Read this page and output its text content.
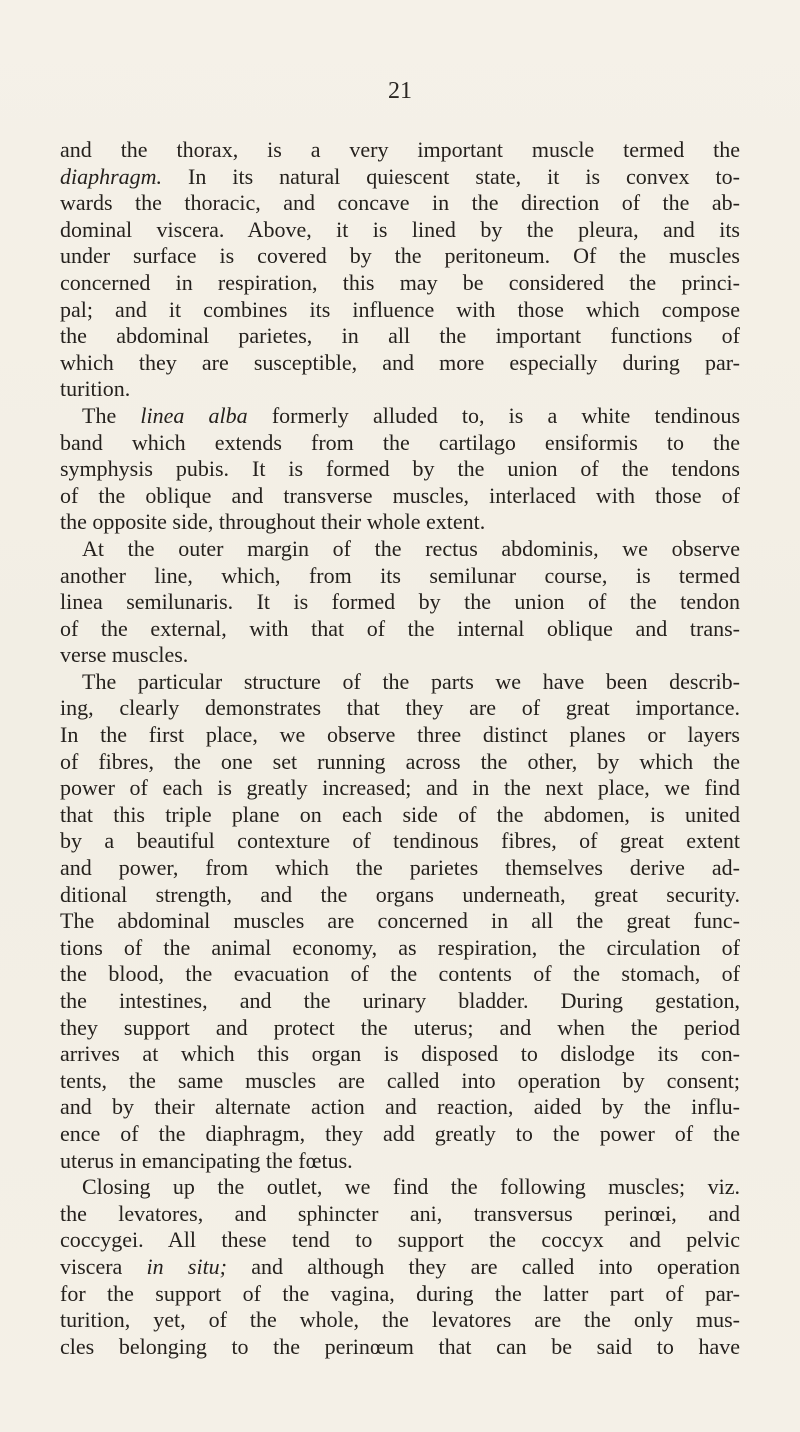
21
and the thorax, is a very important muscle termed the
diaphragm. In its natural quiescent state, it is convex to-
wards the thoracic, and concave in the direction of the ab-
dominal viscera. Above, it is lined by the pleura, and its
under surface is covered by the peritoneum. Of the muscles
concerned in respiration, this may be considered the princi-
pal; and it combines its influence with those which compose
the abdominal parietes, in all the important functions of
which they are susceptible, and more especially during par-
turition.
The linea alba formerly alluded to, is a white tendinous
band which extends from the cartilago ensiformis to the
symphysis pubis. It is formed by the union of the tendons
of the oblique and transverse muscles, interlaced with those of
the opposite side, throughout their whole extent.
At the outer margin of the rectus abdominis, we observe
another line, which, from its semilunar course, is termed
linea semilunaris. It is formed by the union of the tendon
of the external, with that of the internal oblique and trans-
verse muscles.
The particular structure of the parts we have been describ-
ing, clearly demonstrates that they are of great importance.
In the first place, we observe three distinct planes or layers
of fibres, the one set running across the other, by which the
power of each is greatly increased; and in the next place, we find
that this triple plane on each side of the abdomen, is united
by a beautiful contexture of tendinous fibres, of great extent
and power, from which the parietes themselves derive ad-
ditional strength, and the organs underneath, great security.
The abdominal muscles are concerned in all the great func-
tions of the animal economy, as respiration, the circulation of
the blood, the evacuation of the contents of the stomach, of
the intestines, and the urinary bladder. During gestation,
they support and protect the uterus; and when the period
arrives at which this organ is disposed to dislodge its con-
tents, the same muscles are called into operation by consent;
and by their alternate action and reaction, aided by the influ-
ence of the diaphragm, they add greatly to the power of the
uterus in emancipating the fœtus.
Closing up the outlet, we find the following muscles; viz.
the levatores, and sphincter ani, transversus perinœi, and
coccygei. All these tend to support the coccyx and pelvic
viscera in situ; and although they are called into operation
for the support of the vagina, during the latter part of par-
turition, yet, of the whole, the levatores are the only mus-
cles belonging to the perinœum that can be said to have
